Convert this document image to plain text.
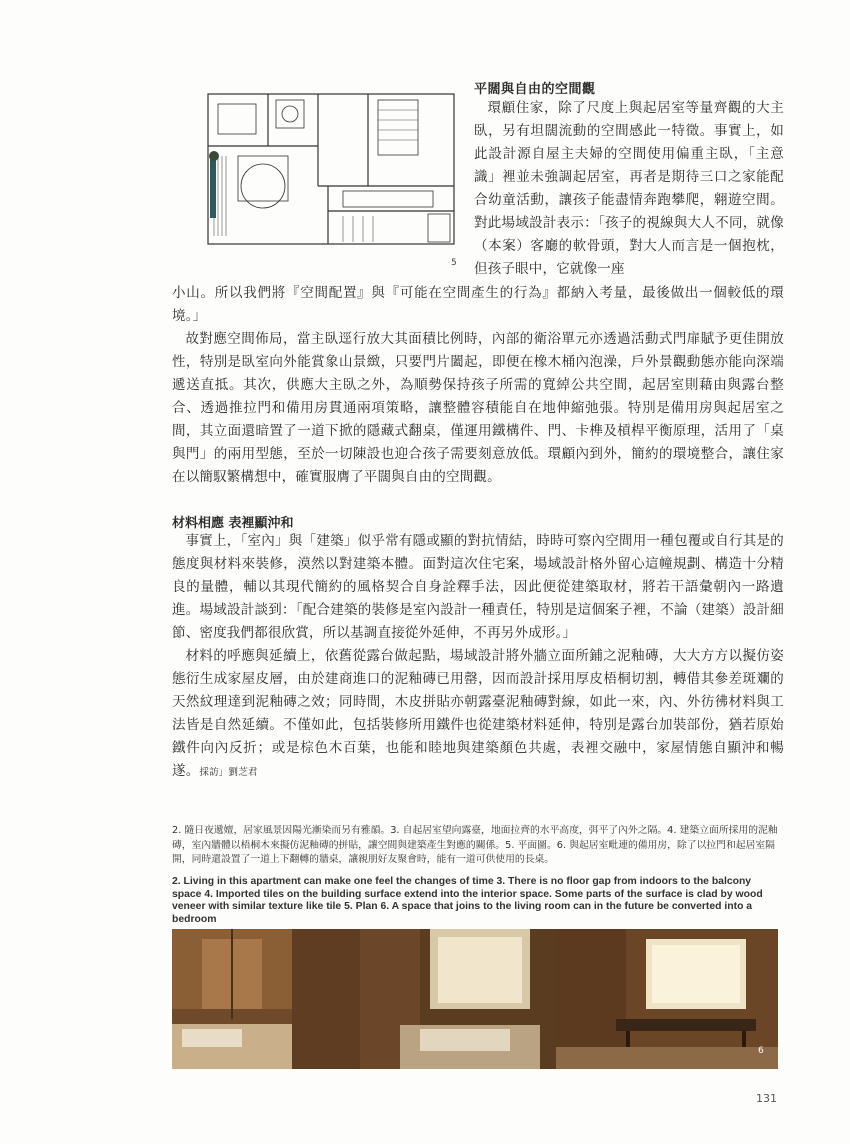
5
平闊與自由的空間觀

環顧住家，除了尺度上與起居室等量齊觀的大主臥，另有坦闊流動的空間感此一特徵。事實上，如此設計源自屋主夫婦的空間使用偏重主臥，「主意識」裡並未強調起居室，再者是期待三口之家能配合幼童活動，讓孩子能盡情奔跑攀爬，翱遊空間。對此場域設計表示：「孩子的視線與大人不同，就像（本案）客廳的軟骨頭，對大人而言是一個抱枕，但孩子眼中，它就像一座

小山。所以我們將『空間配置』與『可能在空間產生的行為』都納入考量，最後做出一個較低的環境。」

故對應空間佈局，當主臥逕行放大其面積比例時，內部的衛浴單元亦透過活動式門扉賦予更佳開放性，特別是臥室向外能賞象山景緻，只要門片闔起，即便在橡木桶內泡澡，戶外景觀動態亦能向深端遞送直抵。其次，供應大主臥之外，為順勢保持孩子所需的寬綽公共空間，起居室則藉由與露台整合、透過推拉門和備用房貫通兩項策略，讓整體容積能自在地伸縮弛張。特別是備用房與起居室之間，其立面還暗置了一道下掀的隱藏式翻桌，僅運用鐵構件、門、卡榫及槓桿平衡原理，活用了「桌與門」的兩用型態，至於一切陳設也迎合孩子需要刻意放低。環顧內到外，簡約的環境整合，讓住家在以簡馭繁構想中，確實服膺了平闊與自由的空間觀。

材料相應 表裡顯沖和

事實上，「室內」與「建築」似乎常有隱或顯的對抗情結，時時可察內空間用一種包覆或自行其是的態度與材料來裝修，漠然以對建築本體。面對這次住宅案，場域設計格外留心這幢規劃、構造十分精良的量體，輔以其現代簡約的風格契合自身詮釋手法，因此便從建築取材，將若干語彙朝內一路遺進。場域設計談到：「配合建築的裝修是室內設計一種責任，特別是這個案子裡，不論（建築）設計細節、密度我們都很欣賞，所以基調直接從外延伸，不再另外成形。」

材料的呼應與延續上，依舊從露台做起點，場域設計將外牆立面所鋪之泥釉磚，大大方方以擬仿姿態衍生成家屋皮層，由於建商進口的泥釉磚已用罄，因而設計採用厚皮梧桐切割，轉借其參差斑斕的天然紋理達到泥釉磚之效；同時間，木皮拼貼亦朝露臺泥釉磚對線，如此一來，內、外彷彿材料與工法皆是自然延續。不僅如此，包括裝修所用鐵件也從建築材料延伸，特別是露台加裝部份，猶若原始鐵件向內反折；或是棕色木百葉，也能和睦地與建築顏色共處，表裡交融中，家屋情態自顯沖和暢遂。採訪」劉芝君

2. 隨日夜遞嬗，居家風景因陽光漸染而另有雅韻。3. 自起居室望向露臺，地面拉齊的水平高度，弭平了內外之隔。4. 建築立面所採用的泥釉磚，室內牆體以梧桐木來擬仿泥釉磚的拼貼，讓空間與建築產生對應的關係。5. 平面圖。6. 與起居室毗連的備用房，除了以拉門和起居室隔開，同時還設置了一道上下翻轉的牆桌，讓親朋好友聚會時，能有一道可供使用的長桌。

2. Living in this apartment can make one feel the changes of time 3. There is no floor gap from indoors to the balcony space 4. Imported tiles on the building surface extend into the interior space. Some parts of the surface is clad by wood veneer with similar texture like tile 5. Plan 6. A space that joins to the living room can in the future be converted into a bedroom

6
131
